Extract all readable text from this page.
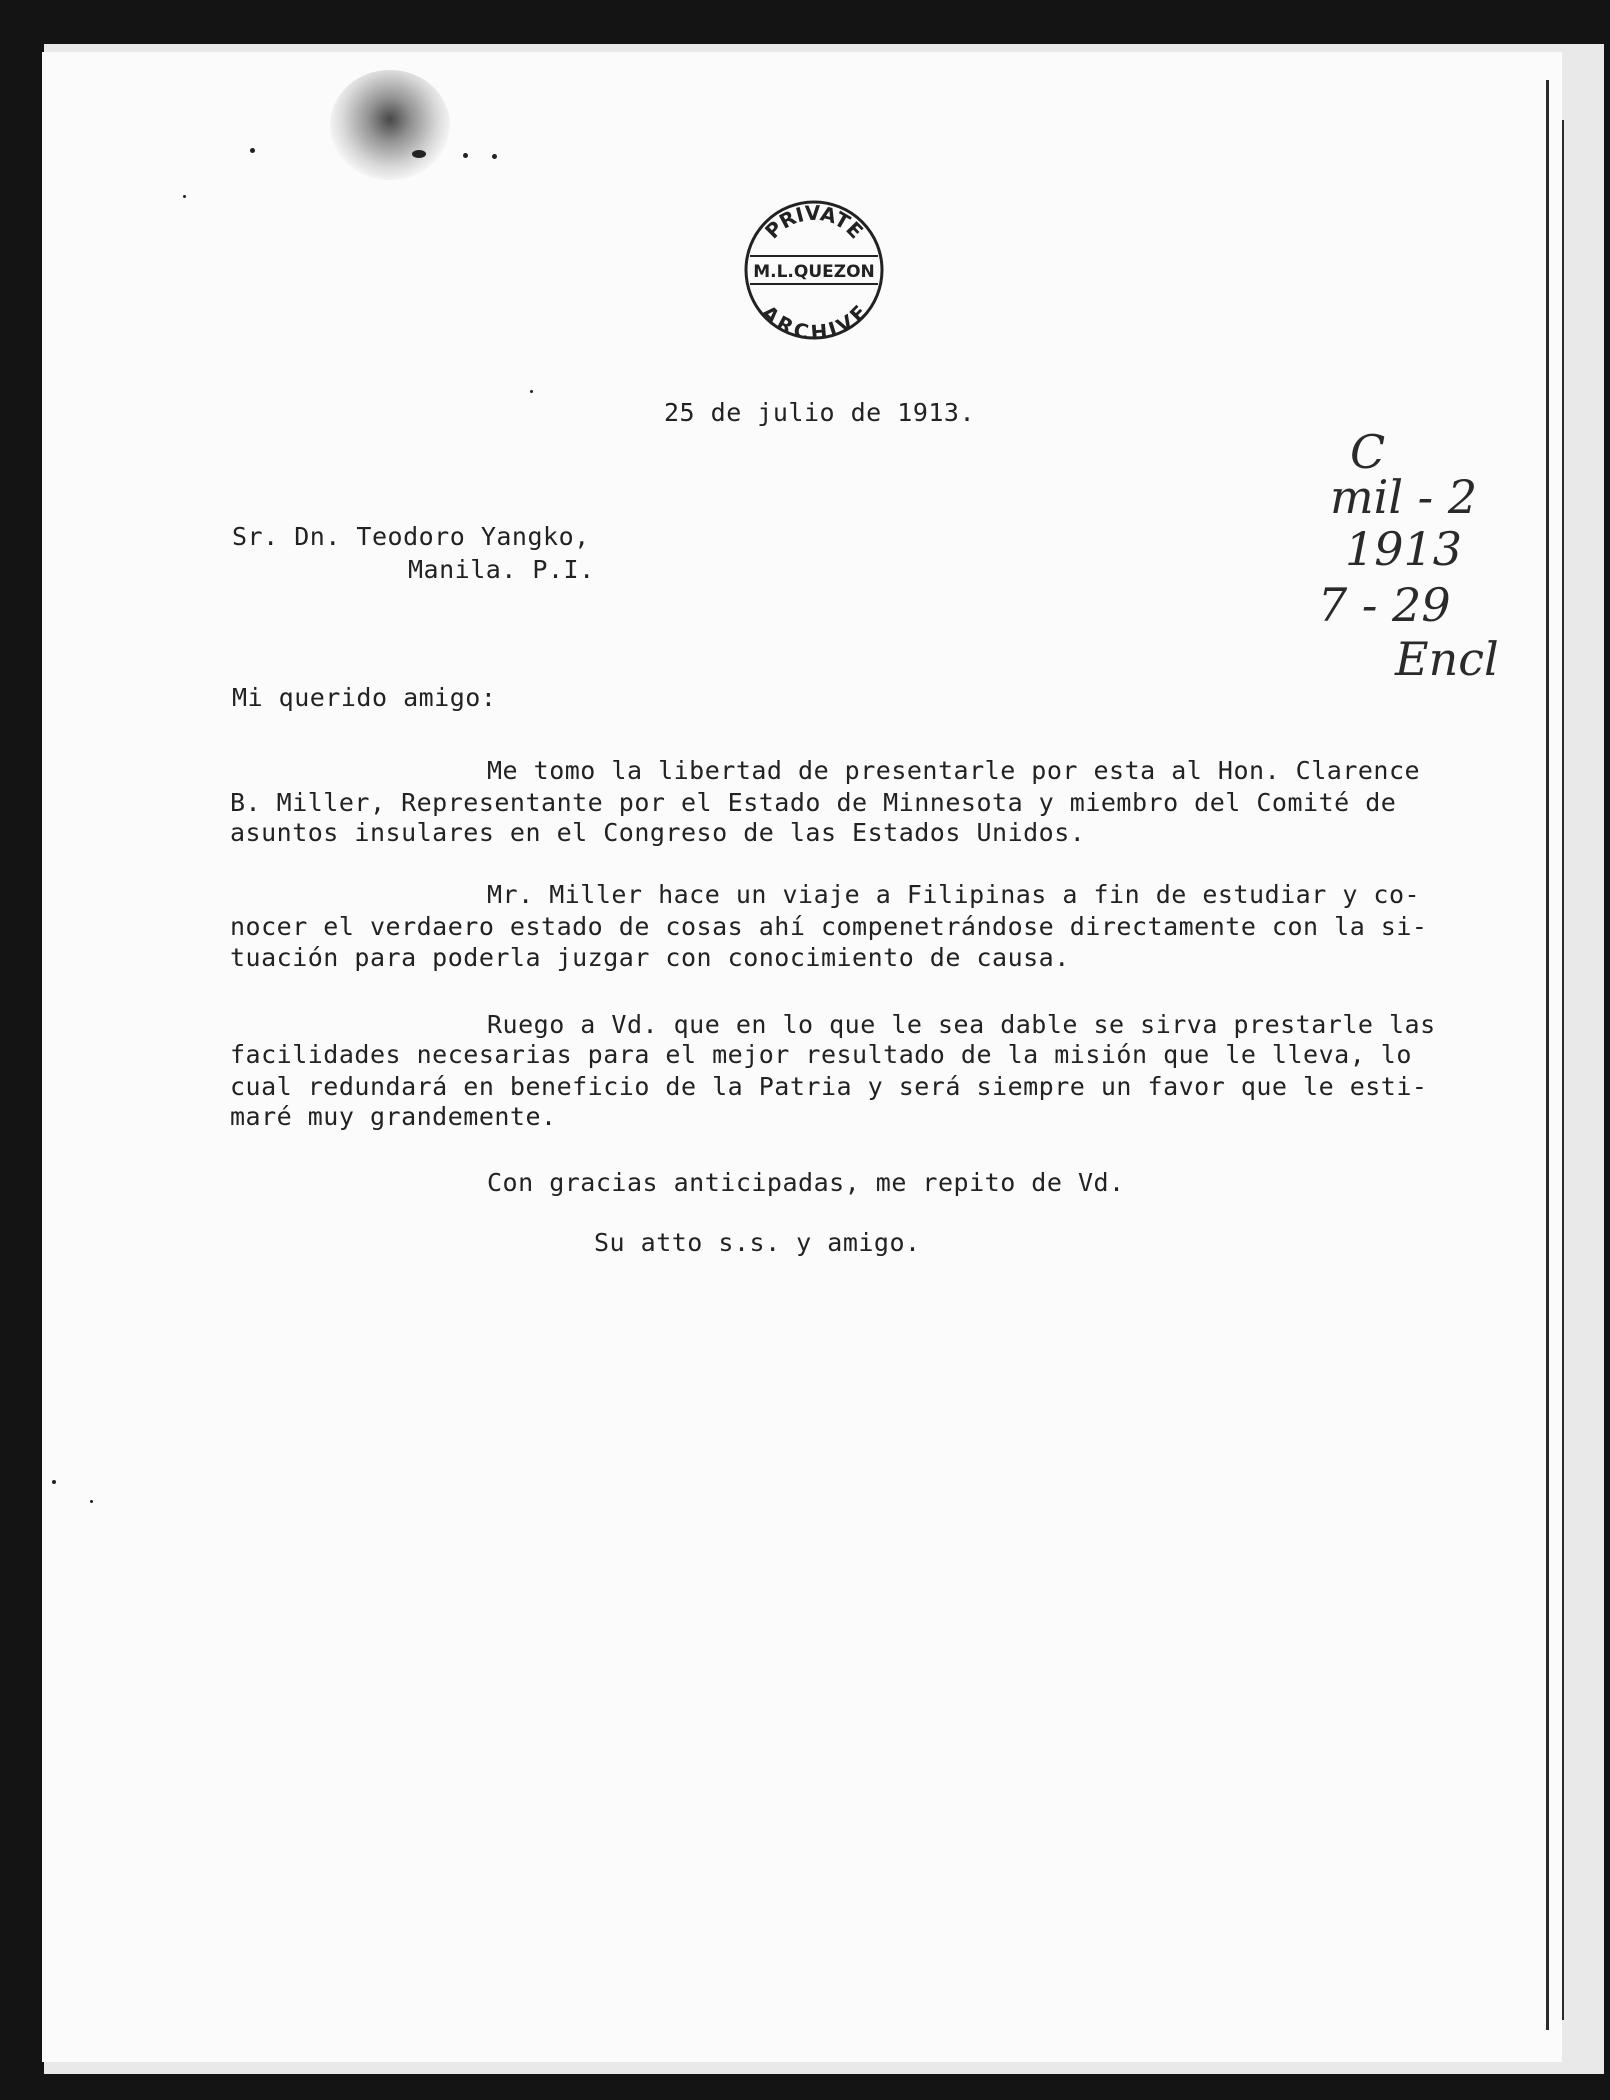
PRIVATE
M.L.QUEZON
ARCHIVE
25 de julio de 1913.
Sr. Dn. Teodoro Yangko,
Manila. P.I.
Mi querido amigo:
Me tomo la libertad de presentarle por esta al Hon. Clarence
B. Miller, Representante por el Estado de Minnesota y miembro del Comité de
asuntos insulares en el Congreso de las Estados Unidos.
Mr. Miller hace un viaje a Filipinas a fin de estudiar y co-
nocer el verdaero estado de cosas ahí compenetrándose directamente con la si-
tuación para poderla juzgar con conocimiento de causa.
Ruego a Vd. que en lo que le sea dable se sirva prestarle las
facilidades necesarias para el mejor resultado de la misión que le lleva, lo
cual redundará en beneficio de la Patria y será siempre un favor que le esti-
maré muy grandemente.
Con gracias anticipadas, me repito de Vd.
Su atto s.s. y amigo.
C
mil - 2
1913
7 - 29
Encl
